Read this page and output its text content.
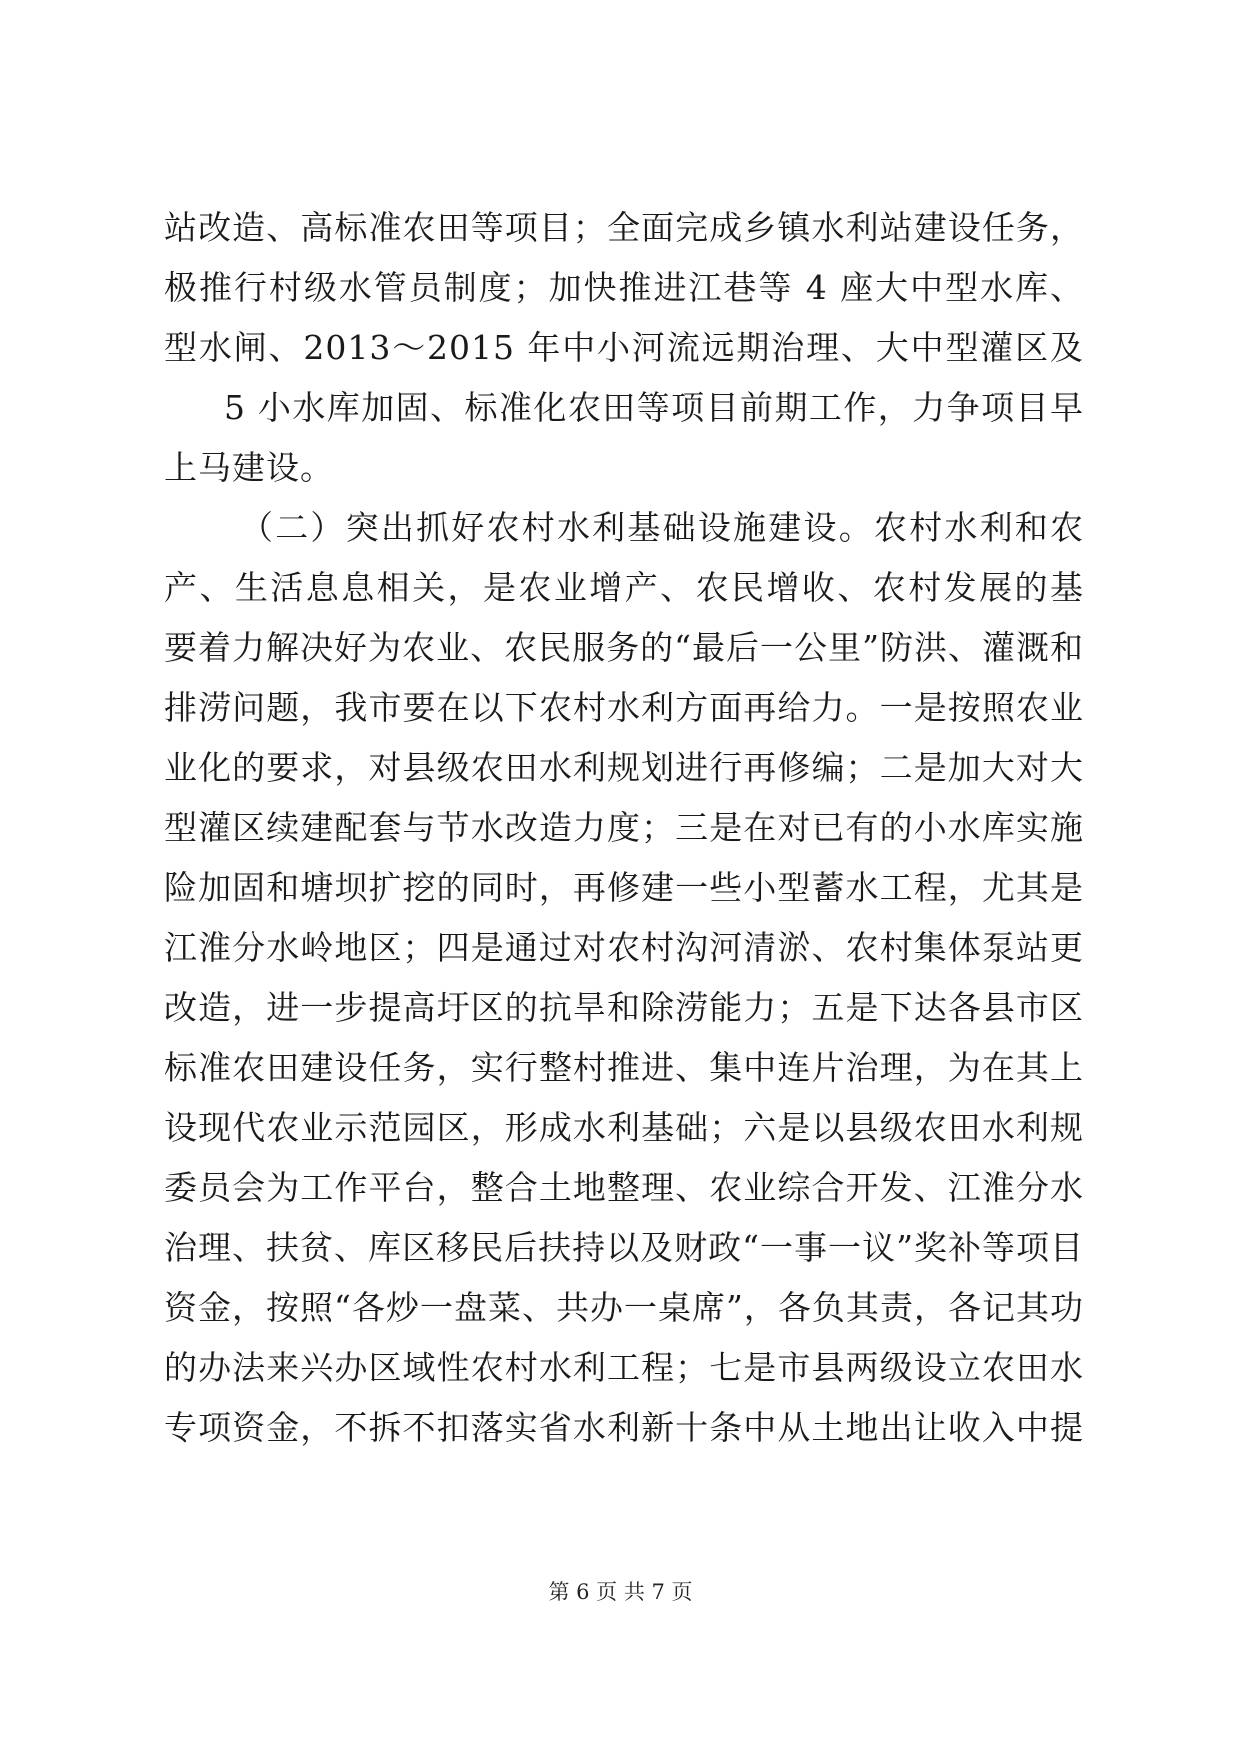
站改造、高标准农田等项目；全面完成乡镇水利站建设任务，
极推行村级水管员制度；加快推进江巷等 4 座大中型水库、
型水闸、2013～2015 年中小河流远期治理、大中型灌区及
5 小水库加固、标准化农田等项目前期工作，力争项目早
上马建设。
（二）突出抓好农村水利基础设施建设。农村水利和农
产、生活息息相关，是农业增产、农民增收、农村发展的基
要着力解决好为农业、农民服务的“最后一公里”防洪、灌溉和
排涝问题，我市要在以下农村水利方面再给力。一是按照农业
业化的要求，对县级农田水利规划进行再修编；二是加大对大
型灌区续建配套与节水改造力度；三是在对已有的小水库实施
险加固和塘坝扩挖的同时，再修建一些小型蓄水工程，尤其是
江淮分水岭地区；四是通过对农村沟河清淤、农村集体泵站更
改造，进一步提高圩区的抗旱和除涝能力；五是下达各县市区
标准农田建设任务，实行整村推进、集中连片治理，为在其上
设现代农业示范园区，形成水利基础；六是以县级农田水利规
委员会为工作平台，整合土地整理、农业综合开发、江淮分水
治理、扶贫、库区移民后扶持以及财政“一事一议”奖补等项目
资金，按照“各炒一盘菜、共办一桌席”，各负其责，各记其功
的办法来兴办区域性农村水利工程；七是市县两级设立农田水
专项资金，不拆不扣落实省水利新十条中从土地出让收入中提
第 6 页 共 7 页
